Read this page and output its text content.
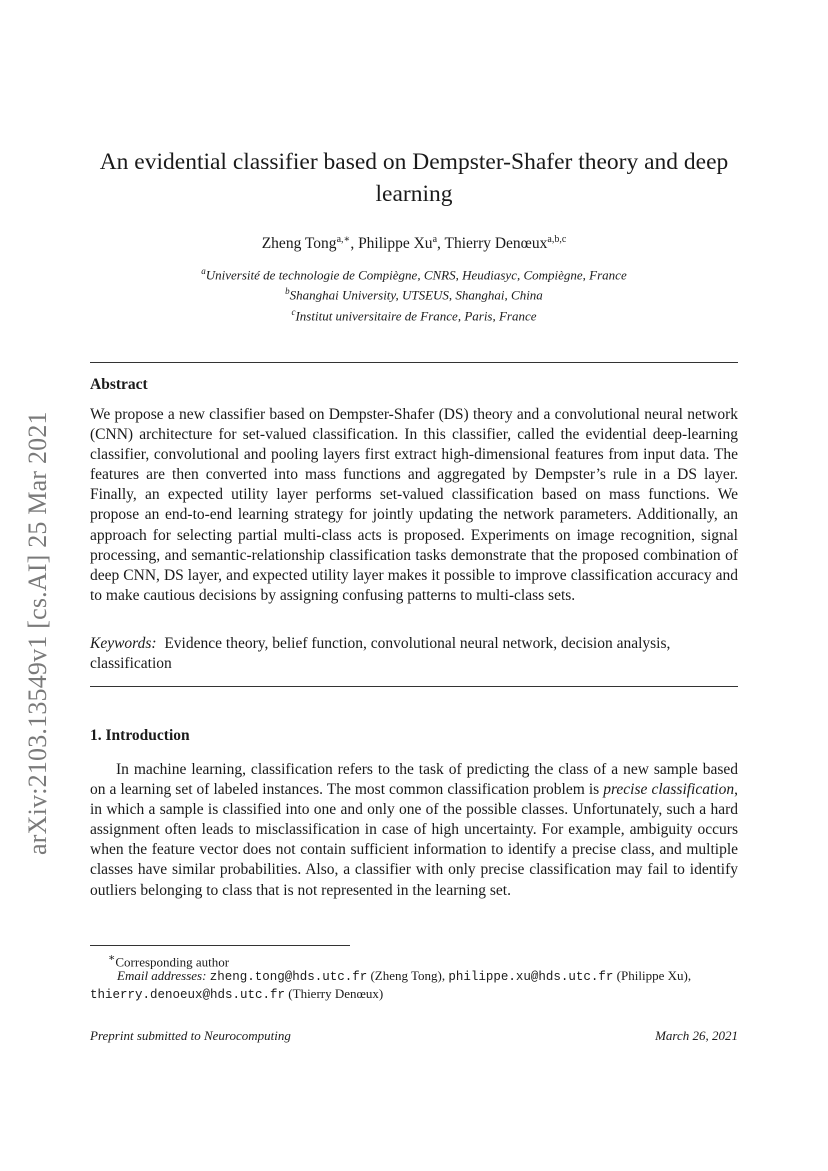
arXiv:2103.13549v1 [cs.AI] 25 Mar 2021
An evidential classifier based on Dempster-Shafer theory and deep learning
Zheng Tong$^{a,∗}$, Philippe Xu$^a$, Thierry Denœux$^{a,b,c}$
$^a$Université de technologie de Compiègne, CNRS, Heudiasyc, Compiègne, France
$^b$Shanghai University, UTSEUS, Shanghai, China
$^c$Institut universitaire de France, Paris, France
Abstract
We propose a new classifier based on Dempster-Shafer (DS) theory and a convolutional neural network (CNN) architecture for set-valued classification. In this classifier, called the evidential deep-learning classifier, convolutional and pooling layers first extract high-dimensional features from input data. The features are then converted into mass functions and aggregated by Dempster’s rule in a DS layer. Finally, an expected utility layer performs set-valued classification based on mass functions. We propose an end-to-end learning strategy for jointly updating the network parameters. Additionally, an approach for selecting partial multi-class acts is proposed. Experiments on image recognition, signal processing, and semantic-relationship classification tasks demonstrate that the proposed combination of deep CNN, DS layer, and expected utility layer makes it possible to improve classification accuracy and to make cautious decisions by assigning confusing patterns to multi-class sets.
Keywords: Evidence theory, belief function, convolutional neural network, decision analysis, classification
1. Introduction
In machine learning, classification refers to the task of predicting the class of a new sample based on a learning set of labeled instances. The most common classification problem is precise classification, in which a sample is classified into one and only one of the possible classes. Unfortunately, such a hard assignment often leads to misclassification in case of high uncertainty. For example, ambiguity occurs when the feature vector does not contain sufficient information to identify a precise class, and multiple classes have similar probabilities. Also, a classifier with only precise classification may fail to identify outliers belonging to class that is not represented in the learning set.
∗Corresponding author
Email addresses: zheng.tong@hds.utc.fr (Zheng Tong), philippe.xu@hds.utc.fr (Philippe Xu), thierry.denoeux@hds.utc.fr (Thierry Denœux)
Preprint submitted to Neurocomputing	March 26, 2021
